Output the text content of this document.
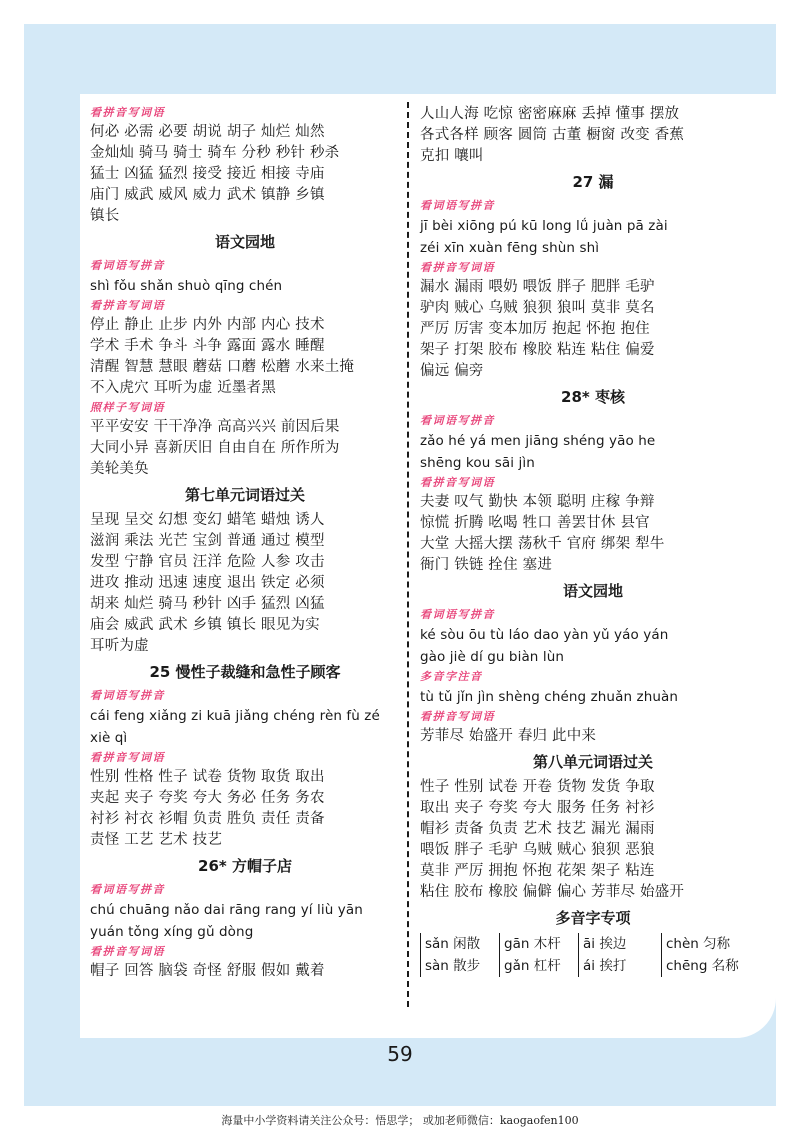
看拼音写词语
何必 必需 必要 胡说 胡子 灿烂 灿然
金灿灿 骑马 骑士 骑车 分秒 秒针 秒杀
猛士 凶猛 猛烈 接受 接近 相接 寺庙
庙门 威武 威风 威力 武术 镇静 乡镇
镇长
语文园地
看词语写拼音
shì fǒu shǎn shuò qīng chén
看拼音写词语
停止 静止 止步 内外 内部 内心 技术
学术 手术 争斗 斗争 露面 露水 睡醒
清醒 智慧 慧眼 蘑菇 口蘑 松蘑 水来土掩
不入虎穴 耳听为虚 近墨者黑
照样子写词语
平平安安 干干净净 高高兴兴 前因后果
大同小异 喜新厌旧 自由自在 所作所为
美轮美奂
第七单元词语过关
呈现 呈交 幻想 变幻 蜡笔 蜡烛 诱人
滋润 乘法 光芒 宝剑 普通 通过 模型
发型 宁静 官员 汪洋 危险 人参 攻击
进攻 推动 迅速 速度 退出 铁定 必须
胡来 灿烂 骑马 秒针 凶手 猛烈 凶猛
庙会 威武 武术 乡镇 镇长 眼见为实
耳听为虚
25 慢性子裁缝和急性子顾客
看词语写拼音
cái feng xiǎng zi kuā jiǎng chéng rèn fù zé
xiè qì
看拼音写词语
性别 性格 性子 试卷 货物 取货 取出
夹起 夹子 夸奖 夸大 务必 任务 务农
衬衫 衬衣 衫帽 负责 胜负 责任 责备
责怪 工艺 艺术 技艺
26* 方帽子店
看词语写拼音
chú chuāng nǎo dai rāng rang yí liù yān
yuán tǒng xíng gǔ dòng
看拼音写词语
帽子 回答 脑袋 奇怪 舒服 假如 戴着
人山人海 吃惊 密密麻麻 丢掉 懂事 摆放
各式各样 顾客 圆筒 古董 橱窗 改变 香蕉
克扣 嚷叫
27 漏
看词语写拼音
jī bèi xiōng pú kū long lǘ juàn pā zài
zéi xīn xuàn fēng shùn shì
看拼音写词语
漏水 漏雨 喂奶 喂饭 胖子 肥胖 毛驴
驴肉 贼心 乌贼 狼狈 狼叫 莫非 莫名
严厉 厉害 变本加厉 抱起 怀抱 抱住
架子 打架 胶布 橡胶 粘连 粘住 偏爱
偏远 偏旁
28* 枣核
看词语写拼音
zǎo hé yá men jiāng shéng yāo he
shēng kou sāi jìn
看拼音写词语
夫妻 叹气 勤快 本领 聪明 庄稼 争辩
惊慌 折腾 吆喝 牲口 善罢甘休 县官
大堂 大摇大摆 荡秋千 官府 绑架 犁牛
衙门 铁链 拴住 塞进
语文园地
看词语写拼音
ké sòu ōu tù láo dao yàn yǔ yáo yán
gào jiè dí gu biàn lùn
多音字注音
tù tǔ jǐn jìn shèng chéng zhuǎn zhuàn
看拼音写词语
芳菲尽 始盛开 春归 此中来
第八单元词语过关
性子 性别 试卷 开卷 货物 发货 争取
取出 夹子 夸奖 夸大 服务 任务 衬衫
帽衫 责备 负责 艺术 技艺 漏光 漏雨
喂饭 胖子 毛驴 乌贼 贼心 狼狈 恶狼
莫非 严厉 拥抱 怀抱 花架 架子 粘连
粘住 胶布 橡胶 偏僻 偏心 芳菲尽 始盛开
多音字专项
sǎn 闲散	gān 木杆	āi 挨边	chèn 匀称
sàn 散步	gǎn 杠杆	ái 挨打	chēng 名称
59
海量中小学资料请关注公众号：悟思学； 或加老师微信：kaogaofen100
